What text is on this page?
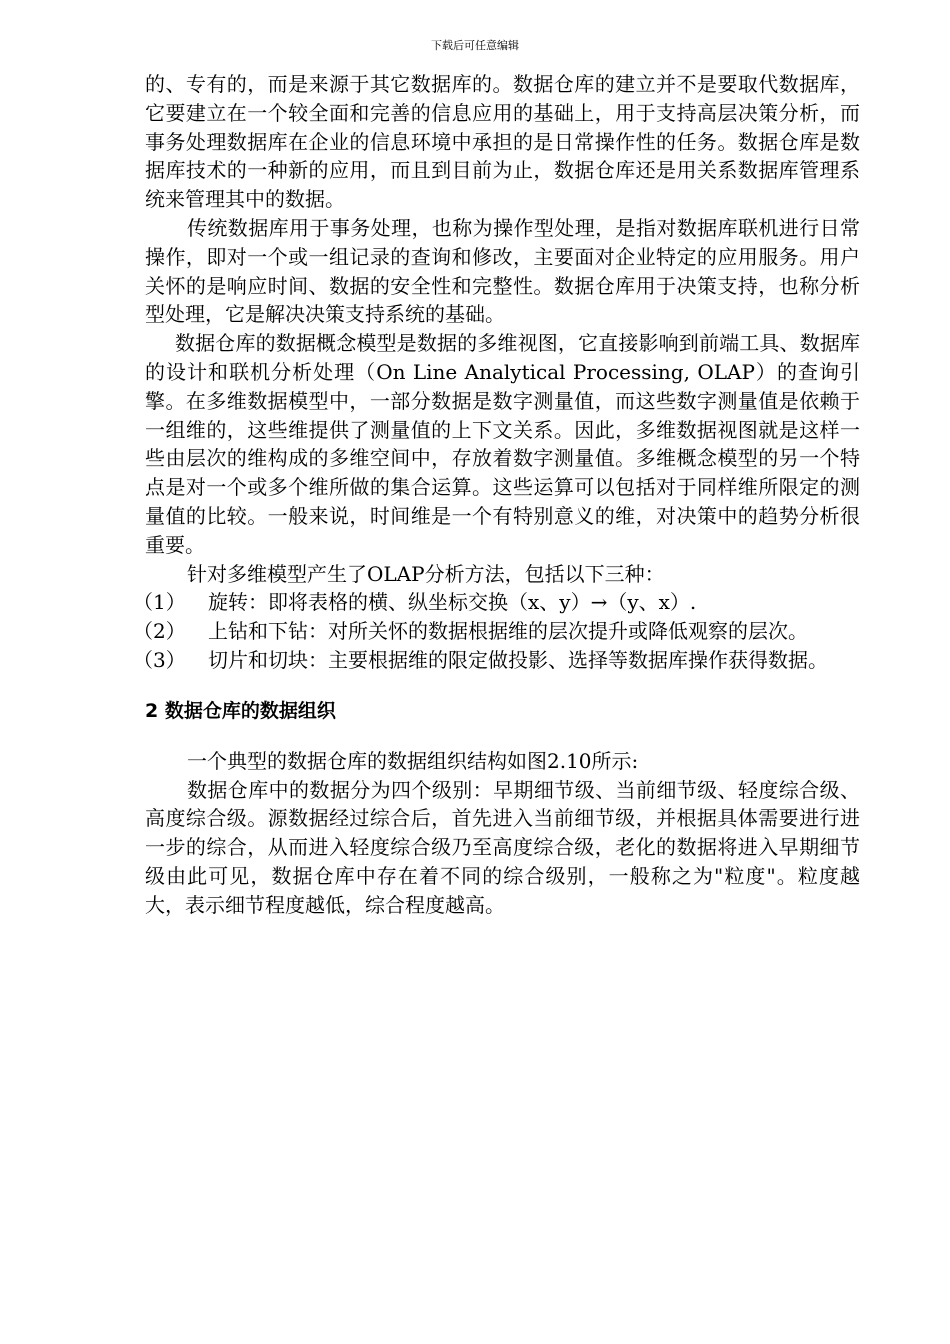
下载后可任意编辑

的、专有的，而是来源于其它数据库的。数据仓库的建立并不是要取代数据库，它要建立在一个较全面和完善的信息应用的基础上，用于支持高层决策分析，而事务处理数据库在企业的信息环境中承担的是日常操作性的任务。数据仓库是数据库技术的一种新的应用，而且到目前为止，数据仓库还是用关系数据库管理系统来管理其中的数据。

传统数据库用于事务处理，也称为操作型处理，是指对数据库联机进行日常操作，即对一个或一组记录的查询和修改，主要面对企业特定的应用服务。用户关怀的是响应时间、数据的安全性和完整性。数据仓库用于决策支持，也称分析型处理，它是解决决策支持系统的基础。

数据仓库的数据概念模型是数据的多维视图，它直接影响到前端工具、数据库的设计和联机分析处理（On Line Analytical Processing, OLAP）的查询引擎。在多维数据模型中，一部分数据是数字测量值，而这些数字测量值是依赖于一组维的，这些维提供了测量值的上下文关系。因此，多维数据视图就是这样一些由层次的维构成的多维空间中，存放着数字测量值。多维概念模型的另一个特点是对一个或多个维所做的集合运算。这些运算可以包括对于同样维所限定的测量值的比较。一般来说，时间维是一个有特别意义的维，对决策中的趋势分析很重要。

针对多维模型产生了OLAP分析方法，包括以下三种：

（1）	旋转：即将表格的横、纵坐标交换（x、y）→（y、x）.
（2）	上钻和下钻：对所关怀的数据根据维的层次提升或降低观察的层次。
（3）	切片和切块：主要根据维的限定做投影、选择等数据库操作获得数据。
2 数据仓库的数据组织

一个典型的数据仓库的数据组织结构如图2.10所示:

数据仓库中的数据分为四个级别：早期细节级、当前细节级、轻度综合级、高度综合级。源数据经过综合后，首先进入当前细节级，并根据具体需要进行进一步的综合，从而进入轻度综合级乃至高度综合级，老化的数据将进入早期细节级由此可见，数据仓库中存在着不同的综合级别，一般称之为"粒度"。粒度越大，表示细节程度越低，综合程度越高。
